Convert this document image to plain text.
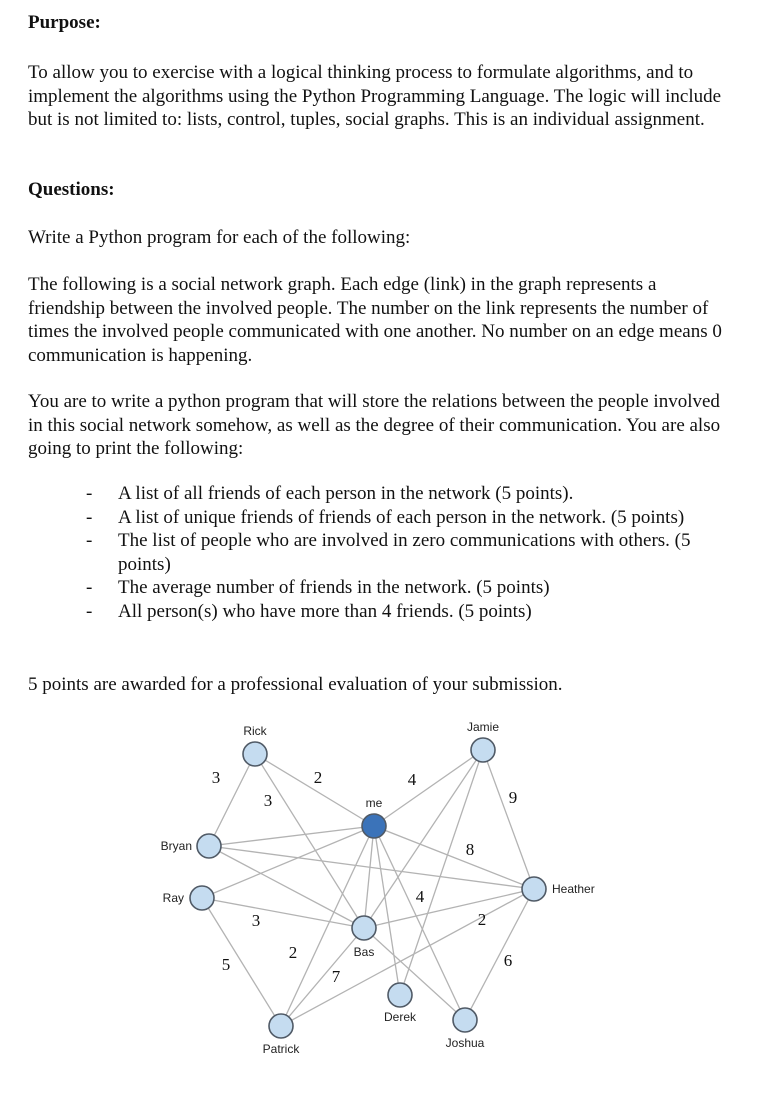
Purpose:

To allow you to exercise with a logical thinking process to formulate algorithms, and to implement the algorithms using the Python Programming Language. The logic will include but is not limited to: lists, control, tuples, social graphs. This is an individual assignment.

Questions:

Write a Python program for each of the following:

The following is a social network graph. Each edge (link) in the graph represents a friendship between the involved people. The number on the link represents the number of times the involved people communicated with one another. No number on an edge means 0 communication is happening.

You are to write a python program that will store the relations between the people involved in this social network somehow, as well as the degree of their communication. You are also going to print the following:

- A list of all friends of each person in the network (5 points).
- A list of unique friends of friends of each person in the network. (5 points)
- The list of people who are involved in zero communications with others. (5 points)
- The average number of friends in the network. (5 points)
- All person(s) who have more than 4 friends. (5 points)

5 points are awarded for a professional evaluation of your submission.

3	2
3
4
9
8
4
7
3
5
2
2
6
Rick	Jamie
me
Bryan
Ray
Heather
Bas
Derek
Patrick	Joshua
